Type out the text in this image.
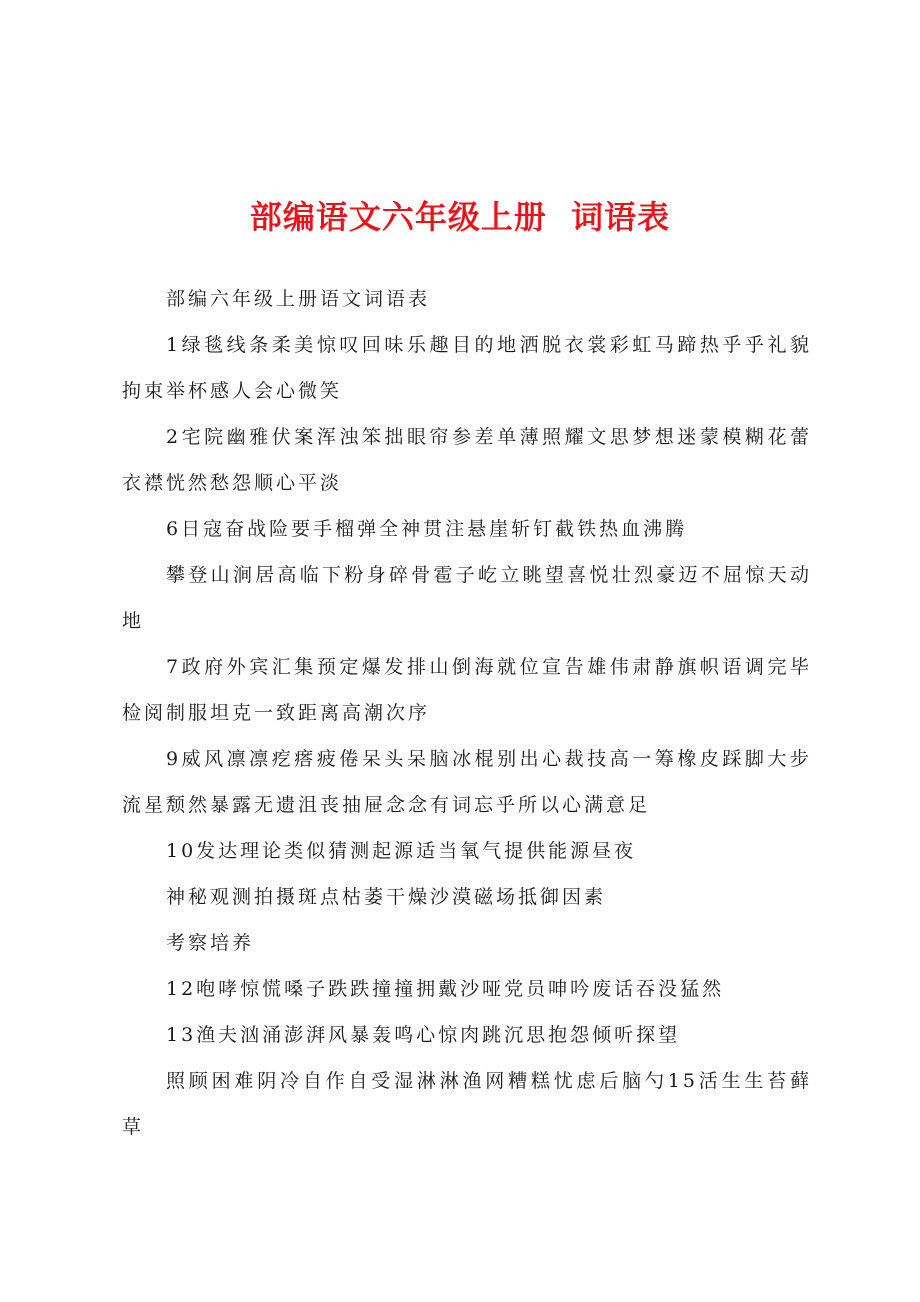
部编语文六年级上册  词语表

部编六年级上册语文词语表

1绿毯线条柔美惊叹回味乐趣目的地洒脱衣裳彩虹马蹄热乎乎礼貌拘束举杯感人会心微笑

2宅院幽雅伏案浑浊笨拙眼帘参差单薄照耀文思梦想迷蒙模糊花蕾衣襟恍然愁怨顺心平淡

6日寇奋战险要手榴弹全神贯注悬崖斩钉截铁热血沸腾

攀登山涧居高临下粉身碎骨雹子屹立眺望喜悦壮烈豪迈不屈惊天动地

7政府外宾汇集预定爆发排山倒海就位宣告雄伟肃静旗帜语调完毕检阅制服坦克一致距离高潮次序

9威风凛凛疙瘩疲倦呆头呆脑冰棍别出心裁技高一筹橡皮踩脚大步流星颓然暴露无遗沮丧抽屉念念有词忘乎所以心满意足

10发达理论类似猜测起源适当氧气提供能源昼夜

神秘观测拍摄斑点枯萎干燥沙漠磁场抵御因素

考察培养

12咆哮惊慌嗓子跌跌撞撞拥戴沙哑党员呻吟废话吞没猛然

13渔夫汹涌澎湃风暴轰鸣心惊肉跳沉思抱怨倾听探望

照顾困难阴冷自作自受湿淋淋渔网糟糕忧虑后脑勺15活生生苔藓草
